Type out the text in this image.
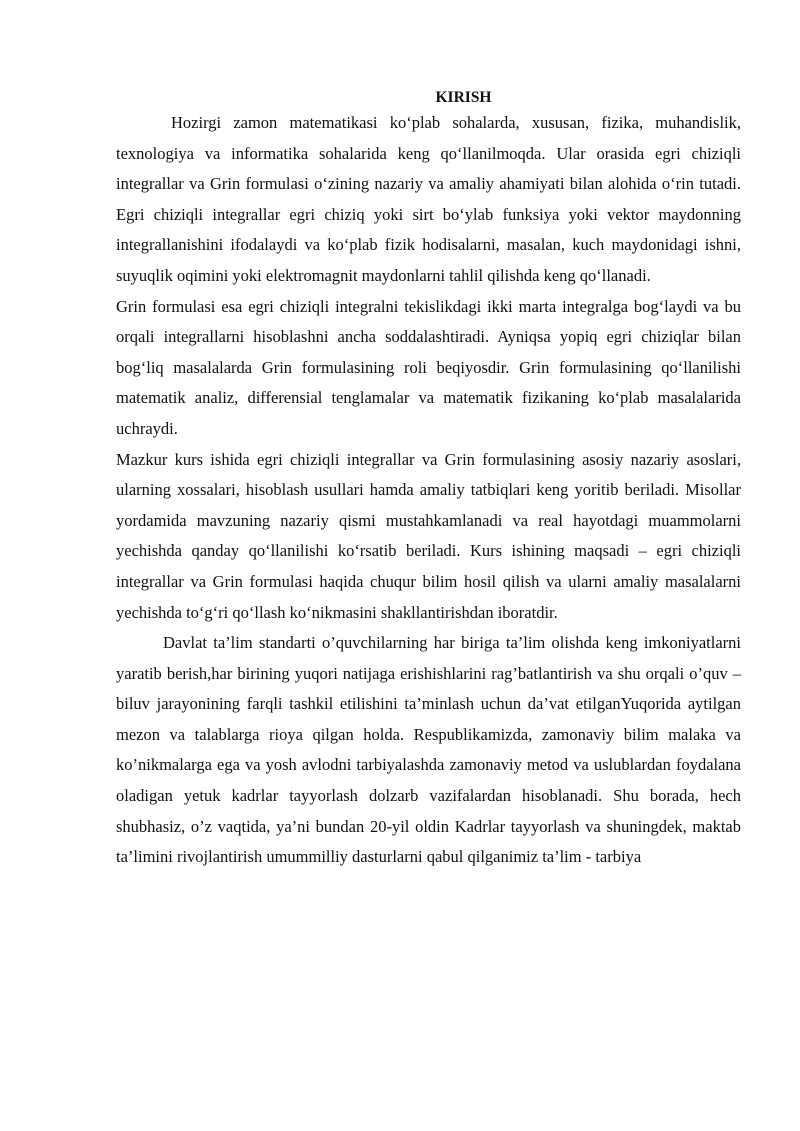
KIRISH

Hozirgi zamon matematikasi ko‘plab sohalarda, xususan, fizika, muhandislik, texnologiya va informatika sohalarida keng qo‘llanilmoqda. Ular orasida egri chiziqli integrallar va Grin formulasi o‘zining nazariy va amaliy ahamiyati bilan alohida o‘rin tutadi. Egri chiziqli integrallar egri chiziq yoki sirt bo‘ylab funksiya yoki vektor maydonning integrallanishini ifodalaydi va ko‘plab fizik hodisalarni, masalan, kuch maydonidagi ishni, suyuqlik oqimini yoki elektromagnit maydonlarni tahlil qilishda keng qo‘llanadi.

Grin formulasi esa egri chiziqli integralni tekislikdagi ikki marta integralga bog‘laydi va bu orqali integrallarni hisoblashni ancha soddalashtiradi. Ayniqsa yopiq egri chiziqlar bilan bog‘liq masalalarda Grin formulasining roli beqiyosdir. Grin formulasining qo‘llanilishi matematik analiz, differensial tenglamalar va matematik fizikaning ko‘plab masalalarida uchraydi.

Mazkur kurs ishida egri chiziqli integrallar va Grin formulasining asosiy nazariy asoslari, ularning xossalari, hisoblash usullari hamda amaliy tatbiqlari keng yoritib beriladi. Misollar yordamida mavzuning nazariy qismi mustahkamlanadi va real hayotdagi muammolarni yechishda qanday qo‘llanilishi ko‘rsatib beriladi. Kurs ishining maqsadi – egri chiziqli integrallar va Grin formulasi haqida chuqur bilim hosil qilish va ularni amaliy masalalarni yechishda to‘g‘ri qo‘llash ko‘nikmasini shakllantirishdan iboratdir.

Davlat ta’lim standarti o’quvchilarning har biriga ta’lim olishda keng imkoniyatlarni yaratib berish,har birining yuqori natijaga erishishlarini rag’batlantirish va shu orqali o’quv – biluv jarayonining farqli tashkil etilishini ta’minlash uchun da’vat etilganYuqorida aytilgan mezon va talablarga rioya qilgan holda. Respublikamizda, zamonaviy bilim malaka va ko’nikmalarga ega va yosh avlodni tarbiyalashda zamonaviy metod va uslublardan foydalana oladigan yetuk kadrlar tayyorlash dolzarb vazifalardan hisoblanadi. Shu borada, hech shubhasiz, o’z vaqtida, ya’ni bundan 20-yil oldin Kadrlar tayyorlash va shuningdek, maktab ta’limini rivojlantirish umummilliy dasturlarni qabul qilganimiz ta’lim - tarbiya
